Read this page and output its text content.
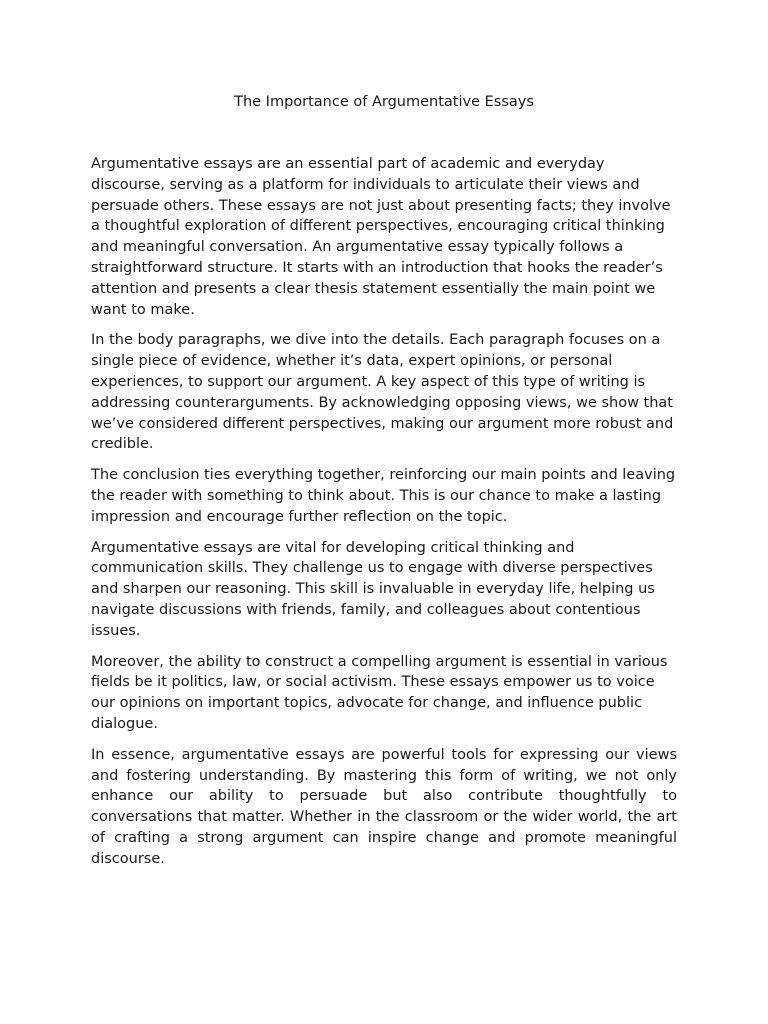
The Importance of Argumentative Essays

Argumentative essays are an essential part of academic and everyday discourse, serving as a platform for individuals to articulate their views and persuade others. These essays are not just about presenting facts; they involve a thoughtful exploration of different perspectives, encouraging critical thinking and meaningful conversation. An argumentative essay typically follows a straightforward structure. It starts with an introduction that hooks the reader’s attention and presents a clear thesis statement essentially the main point we want to make.

In the body paragraphs, we dive into the details. Each paragraph focuses on a single piece of evidence, whether it’s data, expert opinions, or personal experiences, to support our argument. A key aspect of this type of writing is addressing counterarguments. By acknowledging opposing views, we show that we’ve considered different perspectives, making our argument more robust and credible.

The conclusion ties everything together, reinforcing our main points and leaving the reader with something to think about. This is our chance to make a lasting impression and encourage further reflection on the topic.

Argumentative essays are vital for developing critical thinking and communication skills. They challenge us to engage with diverse perspectives and sharpen our reasoning. This skill is invaluable in everyday life, helping us navigate discussions with friends, family, and colleagues about contentious issues.

Moreover, the ability to construct a compelling argument is essential in various fields be it politics, law, or social activism. These essays empower us to voice our opinions on important topics, advocate for change, and influence public dialogue.

In essence, argumentative essays are powerful tools for expressing our views and fostering understanding. By mastering this form of writing, we not only enhance our ability to persuade but also contribute thoughtfully to conversations that matter. Whether in the classroom or the wider world, the art of crafting a strong argument can inspire change and promote meaningful discourse.
